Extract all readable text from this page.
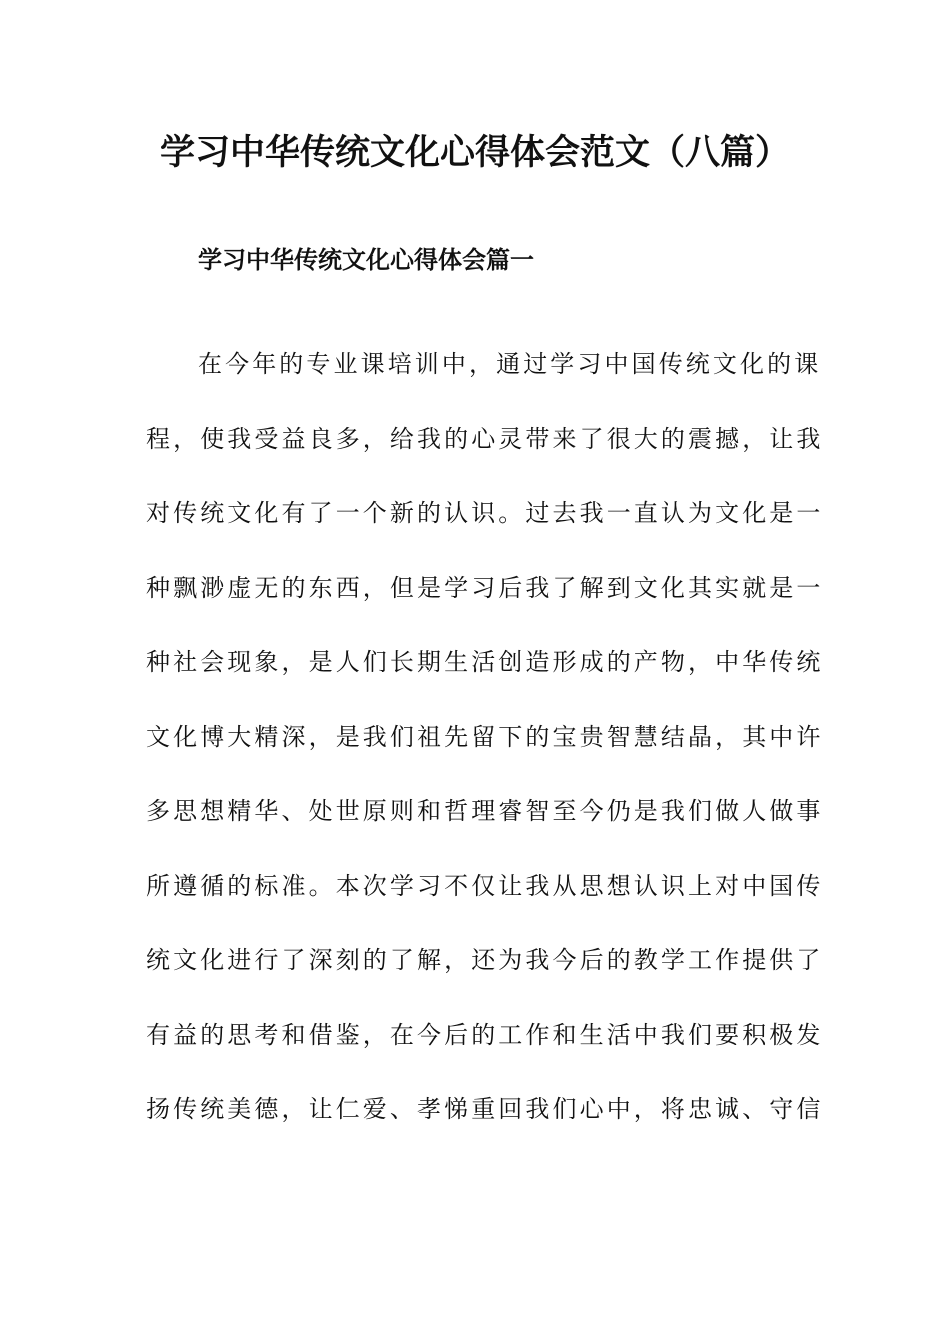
学习中华传统文化心得体会范文（八篇）
学习中华传统文化心得体会篇一
在今年的专业课培训中，通过学习中国传统文化的课
程，使我受益良多，给我的心灵带来了很大的震撼，让我
对传统文化有了一个新的认识。过去我一直认为文化是一
种飘渺虚无的东西，但是学习后我了解到文化其实就是一
种社会现象，是人们长期生活创造形成的产物，中华传统
文化博大精深，是我们祖先留下的宝贵智慧结晶，其中许
多思想精华、处世原则和哲理睿智至今仍是我们做人做事
所遵循的标准。本次学习不仅让我从思想认识上对中国传
统文化进行了深刻的了解，还为我今后的教学工作提供了
有益的思考和借鉴，在今后的工作和生活中我们要积极发
扬传统美德，让仁爱、孝悌重回我们心中，将忠诚、守信
